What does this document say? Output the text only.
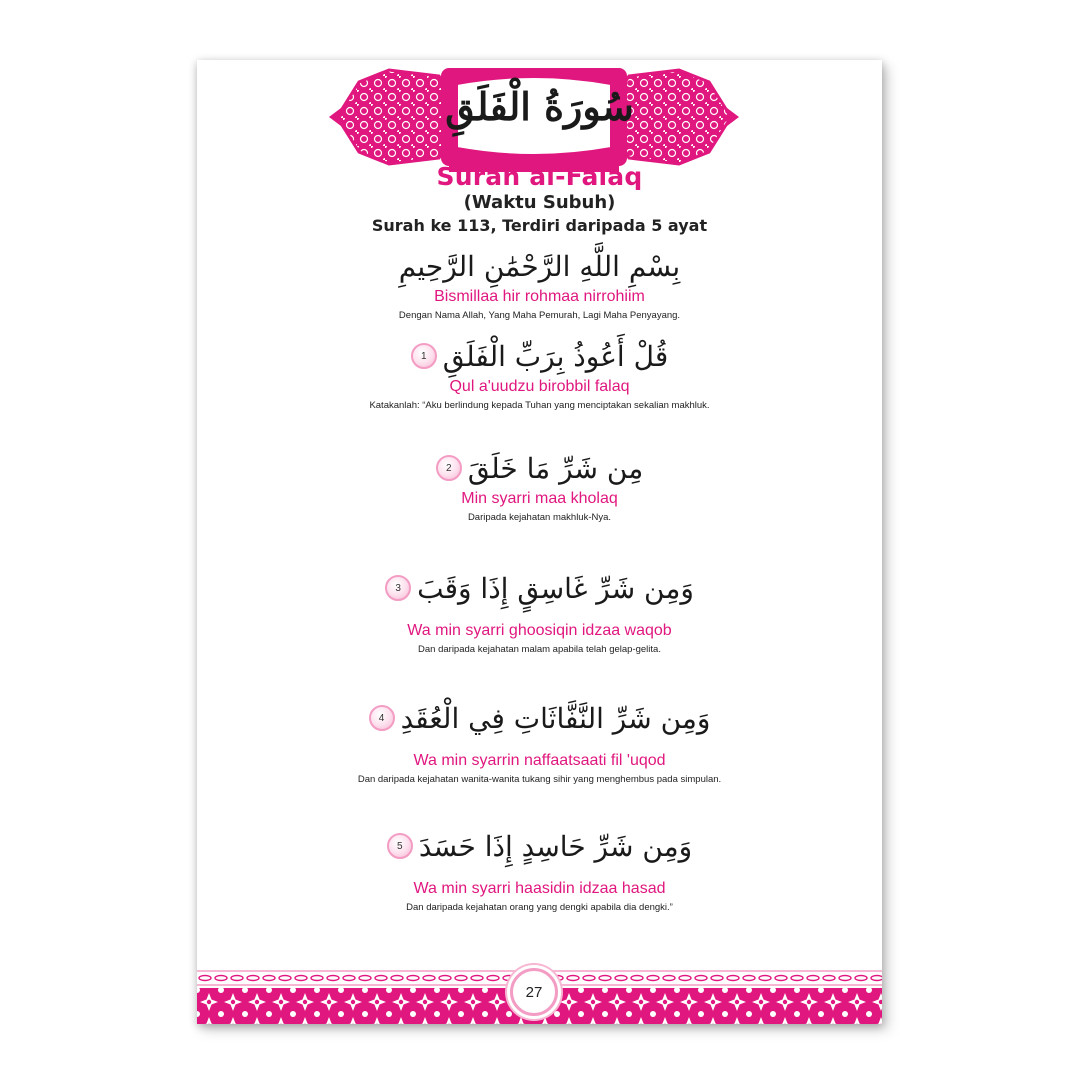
سُورَةُ الْفَلَقِ
Surah al-Falaq
(Waktu Subuh)
Surah ke 113, Terdiri daripada 5 ayat
بِسْمِ اللَّهِ الرَّحْمَٰنِ الرَّحِيمِ
Bismillaa hir rohmaa nirrohiim
Dengan Nama Allah, Yang Maha Pemurah, Lagi Maha Penyayang.
قُلْ أَعُوذُ بِرَبِّ الْفَلَقِ
1
Qul a'uudzu birobbil falaq
Katakanlah: “Aku berlindung kepada Tuhan yang menciptakan sekalian makhluk.
مِن شَرِّ مَا خَلَقَ
2
Min syarri maa kholaq
Daripada kejahatan makhluk-Nya.
وَمِن شَرِّ غَاسِقٍ إِذَا وَقَبَ
3
Wa min syarri ghoosiqin idzaa waqob
Dan daripada kejahatan malam apabila telah gelap-gelita.
وَمِن شَرِّ النَّفَّاثَاتِ فِي الْعُقَدِ
4
Wa min syarrin naffaatsaati fil 'uqod
Dan daripada kejahatan wanita-wanita tukang sihir yang menghembus pada simpulan.
وَمِن شَرِّ حَاسِدٍ إِذَا حَسَدَ
5
Wa min syarri haasidin idzaa hasad
Dan daripada kejahatan orang yang dengki apabila dia dengki.”
27
